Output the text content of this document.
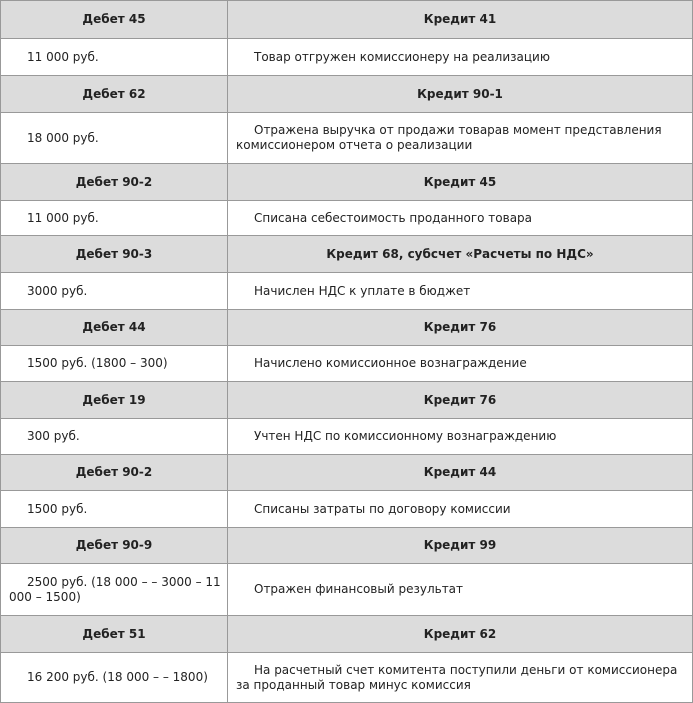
Дебет 45	Кредит 41
11 000 руб.	Товар отгружен комиссионеру на реализацию
Дебет 62	Кредит 90-1
18 000 руб.	Отражена выручка от продажи товарав момент представления комиссионером отчета о реализации
Дебет 90-2	Кредит 45
11 000 руб.	Списана себестоимость проданного товара
Дебет 90-3	Кредит 68, субсчет «Расчеты по НДС»
3000 руб.	Начислен НДС к уплате в бюджет
Дебет 44	Кредит 76
1500 руб. (1800 – 300)	Начислено комиссионное вознаграждение
Дебет 19	Кредит 76
300 руб.	Учтен НДС по комиссионному вознаграждению
Дебет 90-2	Кредит 44
1500 руб.	Списаны затраты по договору комиссии
Дебет 90-9	Кредит 99
2500 руб. (18 000 – – 3000 – 11 000 – 1500)	Отражен финансовый результат
Дебет 51	Кредит 62
16 200 руб. (18 000 – – 1800)	На расчетный счет комитента поступили деньги от комиссионера за проданный товар минус комиссия
